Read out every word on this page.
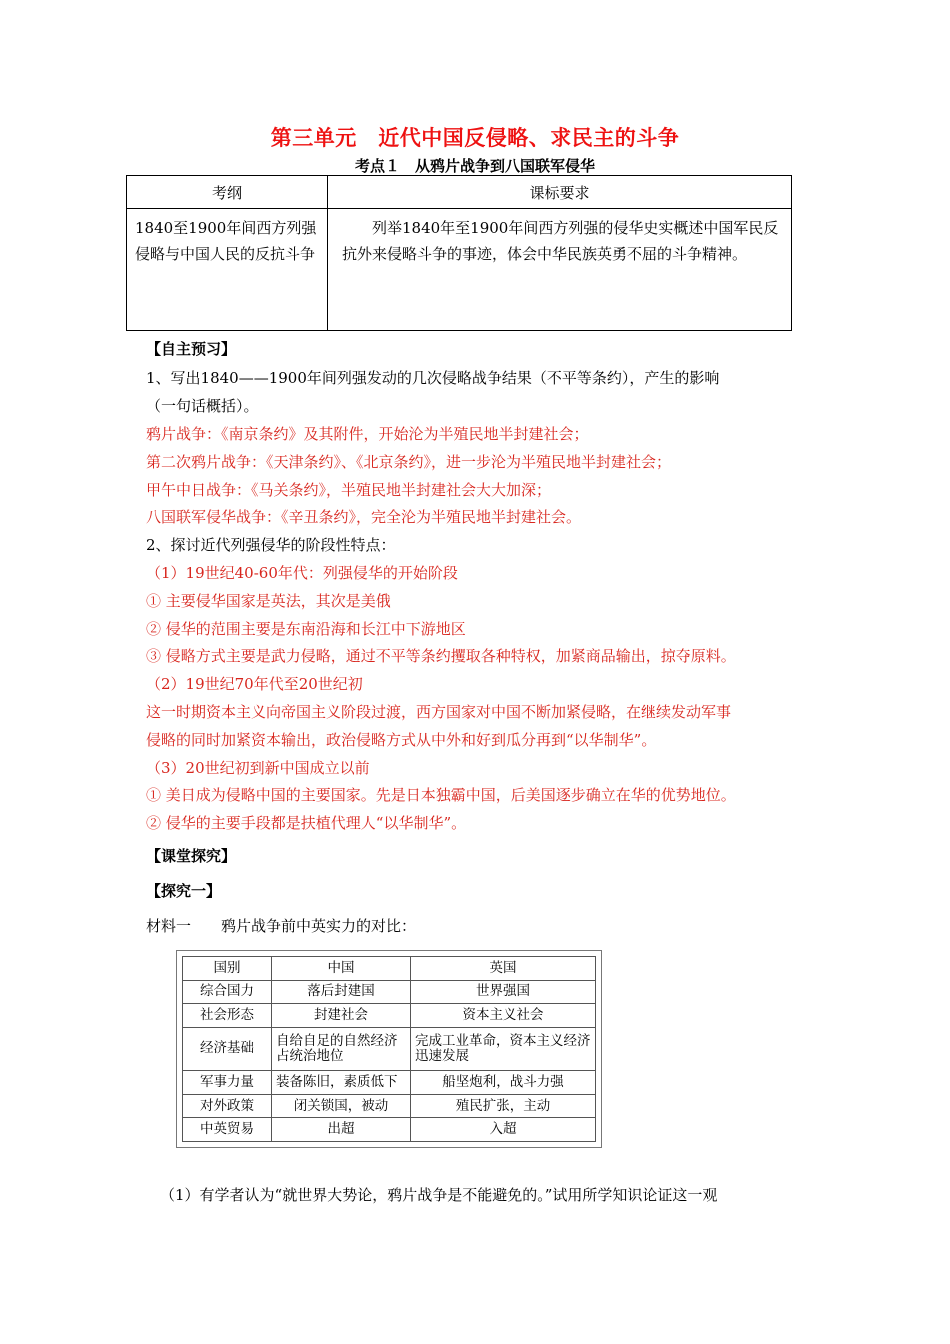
第三单元　近代中国反侵略、求民主的斗争
考点１　从鸦片战争到八国联军侵华
考纲	课标要求

1840至1900年间西方列强侵略与中国人民的反抗斗争	列举1840年至1900年间西方列强的侵华史实概述中国军民反抗外来侵略斗争的事迹，体会中华民族英勇不屈的斗争精神。
【自主预习】
1、写出1840——1900年间列强发动的几次侵略战争结果（不平等条约），产生的影响
（一句话概括）。
鸦片战争：《南京条约》及其附件，开始沦为半殖民地半封建社会；
第二次鸦片战争：《天津条约》、《北京条约》，进一步沦为半殖民地半封建社会；
甲午中日战争：《马关条约》，半殖民地半封建社会大大加深；
八国联军侵华战争：《辛丑条约》，完全沦为半殖民地半封建社会。
2、探讨近代列强侵华的阶段性特点：
（1）19世纪40-60年代：列强侵华的开始阶段
① 主要侵华国家是英法，其次是美俄
② 侵华的范围主要是东南沿海和长江中下游地区
③ 侵略方式主要是武力侵略，通过不平等条约攫取各种特权，加紧商品输出，掠夺原料。
（2）19世纪70年代至20世纪初
这一时期资本主义向帝国主义阶段过渡，西方国家对中国不断加紧侵略，在继续发动军事
侵略的同时加紧资本输出，政治侵略方式从中外和好到瓜分再到“以华制华”。
（3）20世纪初到新中国成立以前
① 美日成为侵略中国的主要国家。先是日本独霸中国，后美国逐步确立在华的优势地位。
② 侵华的主要手段都是扶植代理人“以华制华”。
【课堂探究】
【探究一】
材料一　　鸦片战争前中英实力的对比：
国别	中国	英国
综合国力	落后封建国	世界强国
社会形态	封建社会	资本主义社会
经济基础	自给自足的自然经济占统治地位	完成工业革命，资本主义经济迅速发展
军事力量	装备陈旧，素质低下	船坚炮利，战斗力强
对外政策	闭关锁国，被动	殖民扩张，主动
中英贸易	出超	入超
（1）有学者认为“就世界大势论，鸦片战争是不能避免的。”试用所学知识论证这一观
